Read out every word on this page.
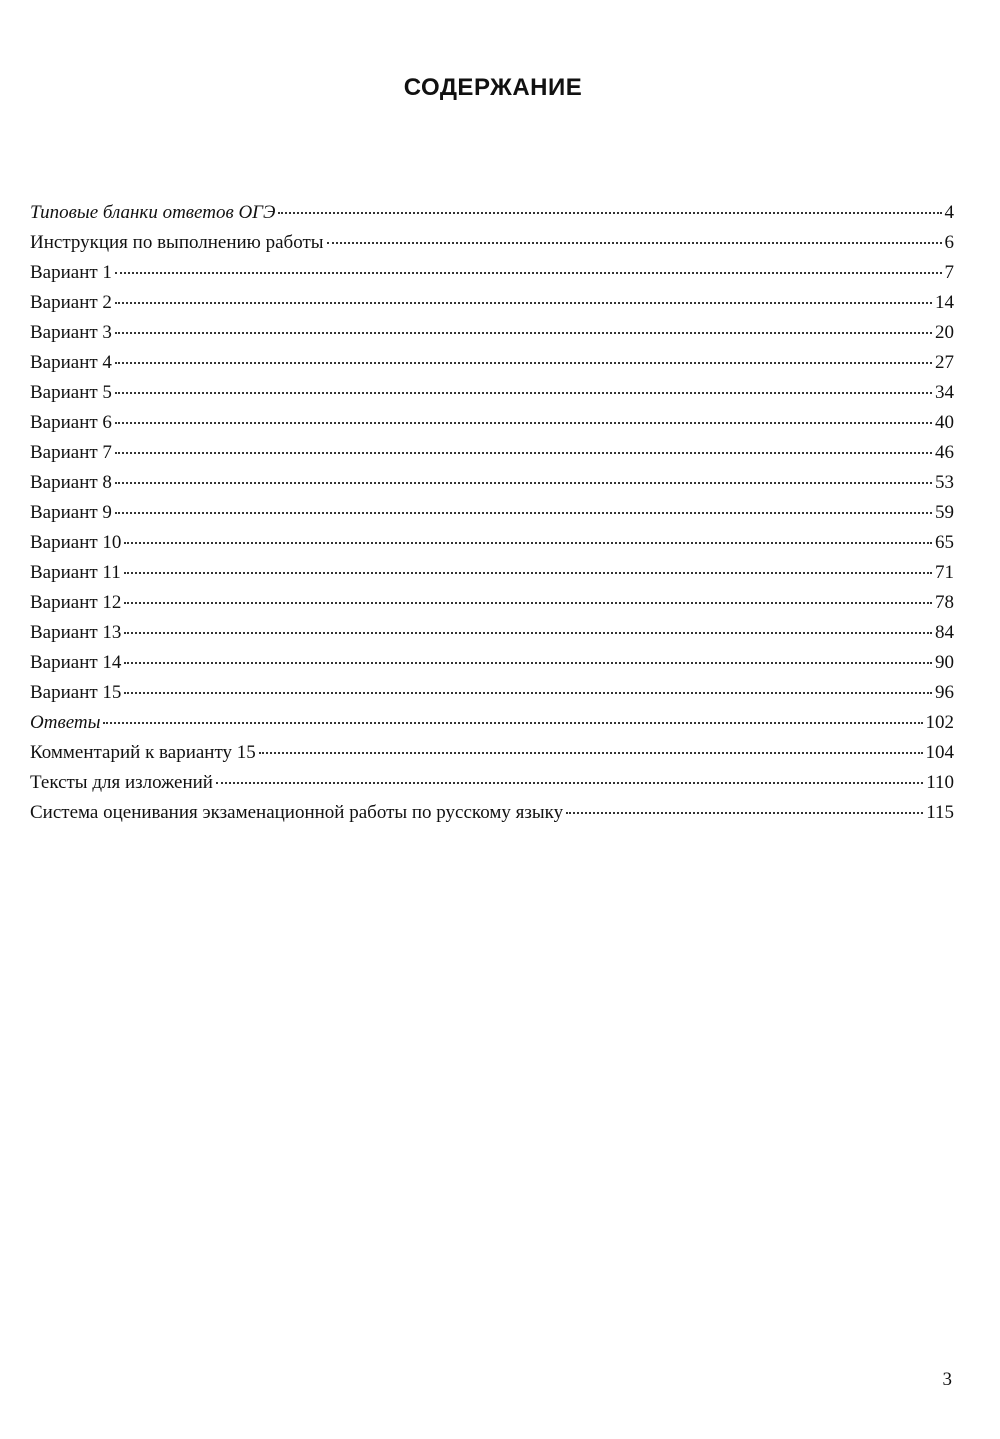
СОДЕРЖАНИЕ
Типовые бланки ответов ОГЭ	4
Инструкция по выполнению работы	6
Вариант 1	7
Вариант 2	14
Вариант 3	20
Вариант 4	27
Вариант 5	34
Вариант 6	40
Вариант 7	46
Вариант 8	53
Вариант 9	59
Вариант 10	65
Вариант 11	71
Вариант 12	78
Вариант 13	84
Вариант 14	90
Вариант 15	96
Ответы	102
Комментарий к варианту 15	104
Тексты для изложений	110
Система оценивания экзаменационной работы по русскому языку	115
3
